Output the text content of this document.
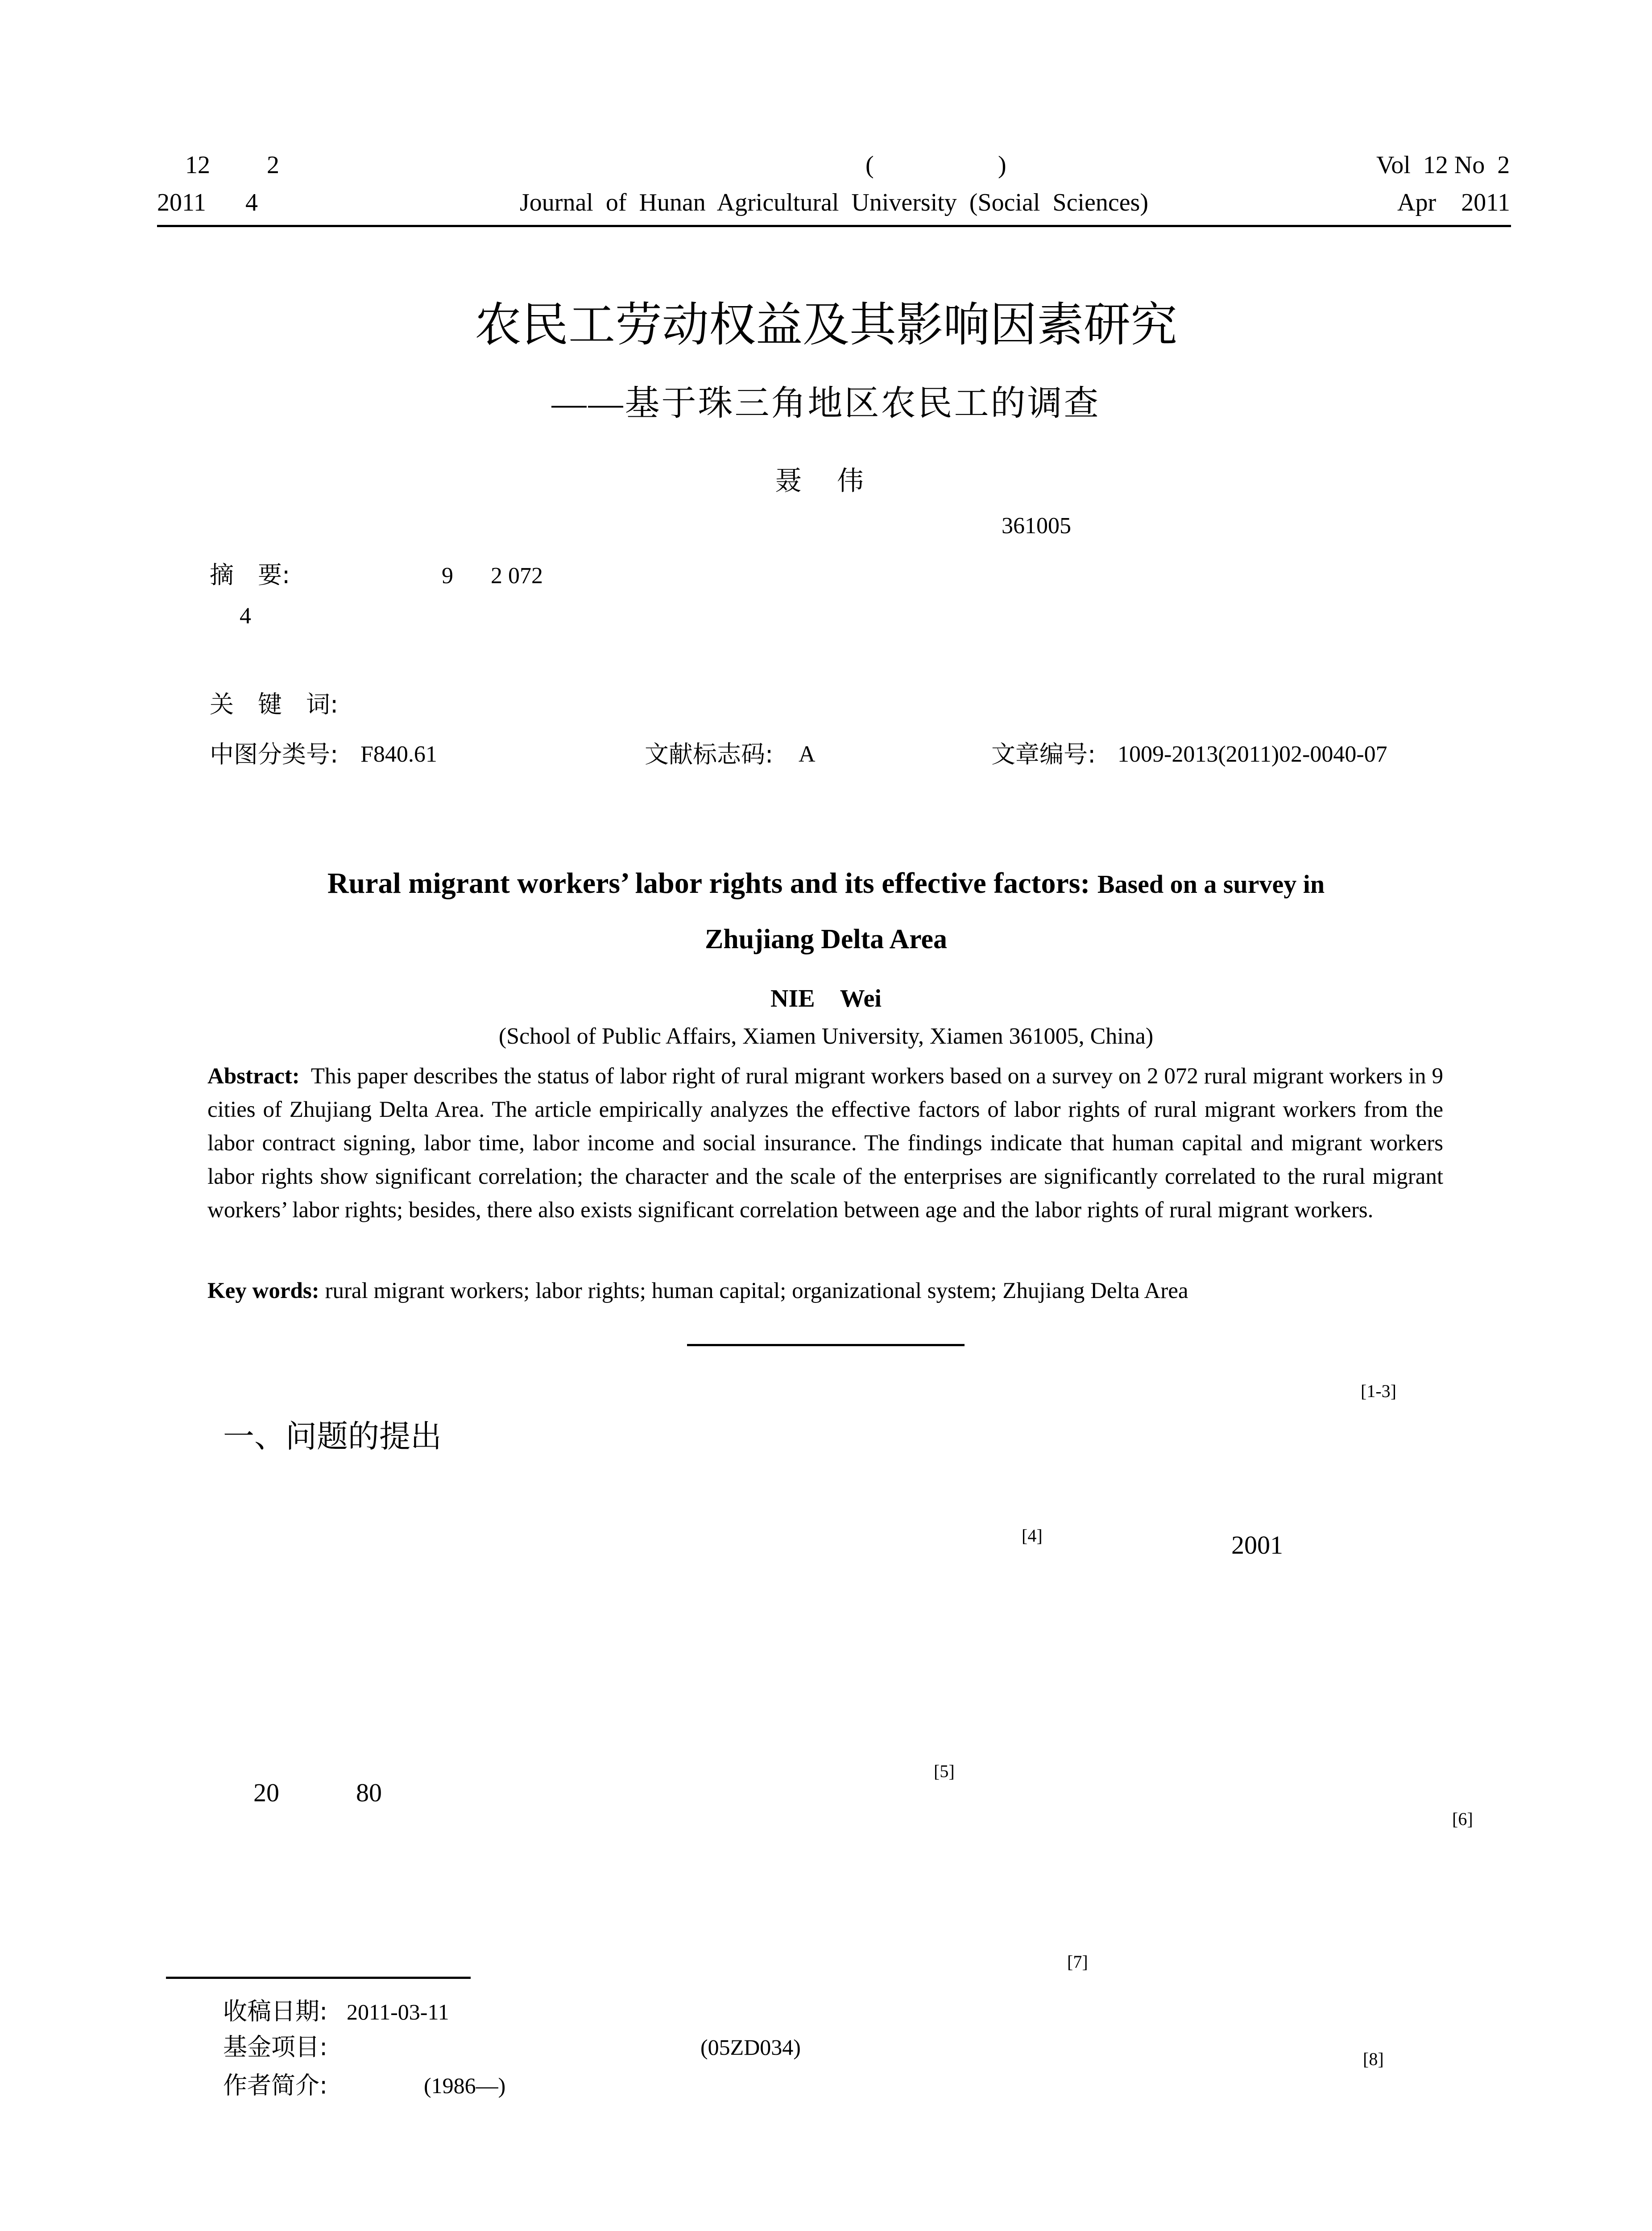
12 2
2011 4
(	)
Journal  of  Hunan  Agricultural  University  (Social  Sciences)
Vol  12 No  2
Apr    2011
农民工劳动权益及其影响因素研究
——基于珠三角地区农民工的调查
聂 伟
361005
摘　要:	9 2 072
4
关　键　词:
中图分类号: F840.61	文献标志码: A	文章编号: 1009-2013(2011)02-0040-07
Rural migrant workers’ labor rights and its effective factors: Based on a survey in
Zhujiang Delta Area
NIE　Wei
(School of Public Affairs, Xiamen University, Xiamen 361005, China)
Abstract: This paper describes the status of labor right of rural migrant workers based on a survey on 2 072 rural migrant workers in 9 cities of Zhujiang Delta Area. The article empirically analyzes the effective factors of labor rights of rural migrant workers from the labor contract signing, labor time, labor income and social insurance. The findings indicate that human capital and migrant workers labor rights show significant correlation; the character and the scale of the enterprises are significantly correlated to the rural migrant workers’ labor rights; besides, there also exists significant correlation between age and the labor rights of rural migrant workers.
Key words: rural migrant workers; labor rights; human capital; organizational system; Zhujiang Delta Area
[1-3]
一、问题的提出
[4]	2001
20	80
[5]
[6]
[7]
[8]
收稿日期: 2011-03-11
基金项目:	(05ZD034)
作者简介:	(1986—)
